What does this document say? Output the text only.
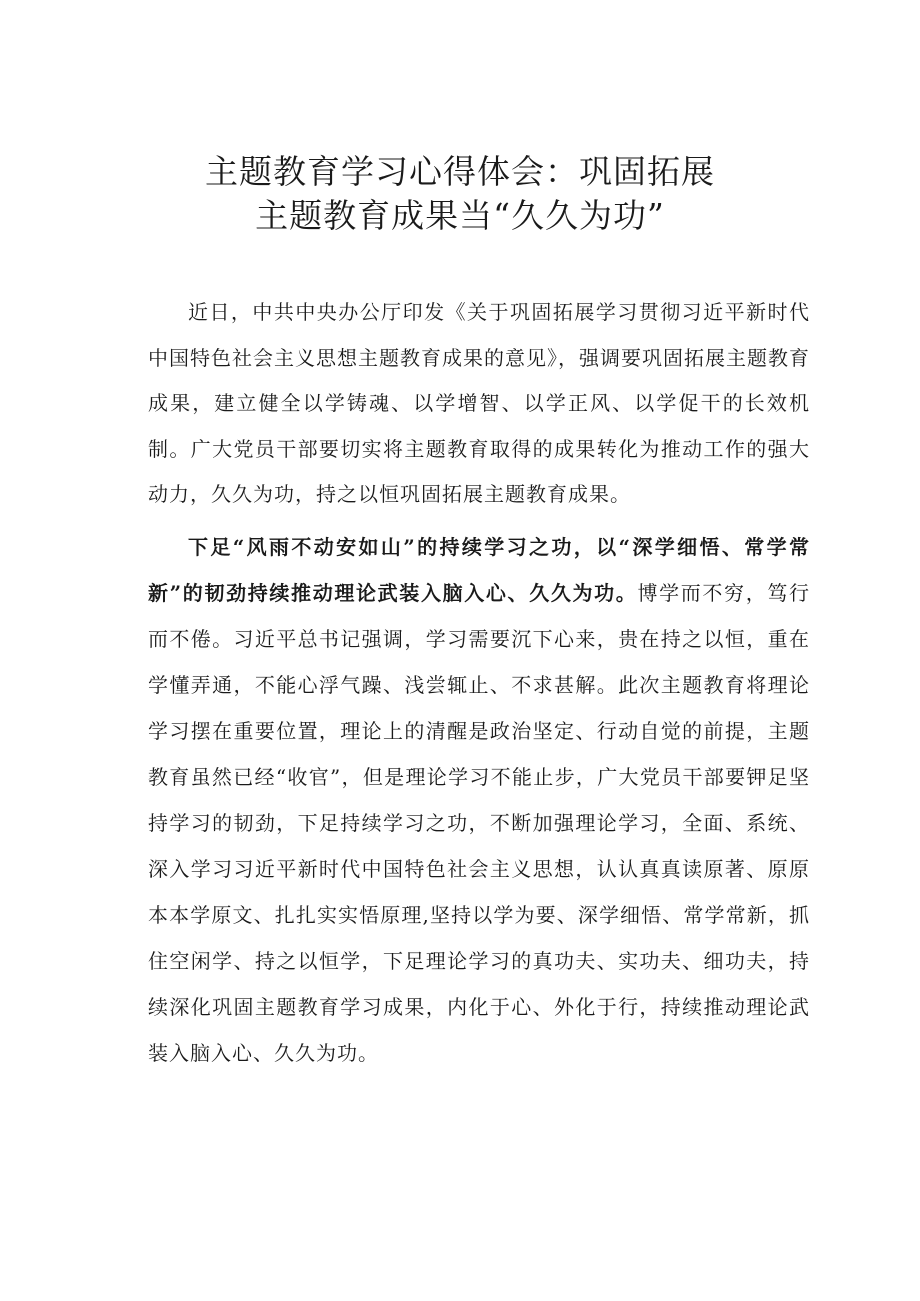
主题教育学习心得体会：巩固拓展
主题教育成果当“久久为功”

近日，中共中央办公厅印发《关于巩固拓展学习贯彻习近平新时代中国特色社会主义思想主题教育成果的意见》，强调要巩固拓展主题教育成果，建立健全以学铸魂、以学增智、以学正风、以学促干的长效机制。广大党员干部要切实将主题教育取得的成果转化为推动工作的强大动力，久久为功，持之以恒巩固拓展主题教育成果。

下足“风雨不动安如山”的持续学习之功，以“深学细悟、常学常新”的韧劲持续推动理论武装入脑入心、久久为功。博学而不穷，笃行而不倦。习近平总书记强调，学习需要沉下心来，贵在持之以恒，重在学懂弄通，不能心浮气躁、浅尝辄止、不求甚解。此次主题教育将理论学习摆在重要位置，理论上的清醒是政治坚定、行动自觉的前提，主题教育虽然已经“收官”，但是理论学习不能止步，广大党员干部要钾足坚持学习的韧劲，下足持续学习之功，不断加强理论学习，全面、系统、深入学习习近平新时代中国特色社会主义思想，认认真真读原著、原原本本学原文、扎扎实实悟原理,坚持以学为要、深学细悟、常学常新，抓住空闲学、持之以恒学，下足理论学习的真功夫、实功夫、细功夫，持续深化巩固主题教育学习成果，内化于心、外化于行，持续推动理论武装入脑入心、久久为功。
